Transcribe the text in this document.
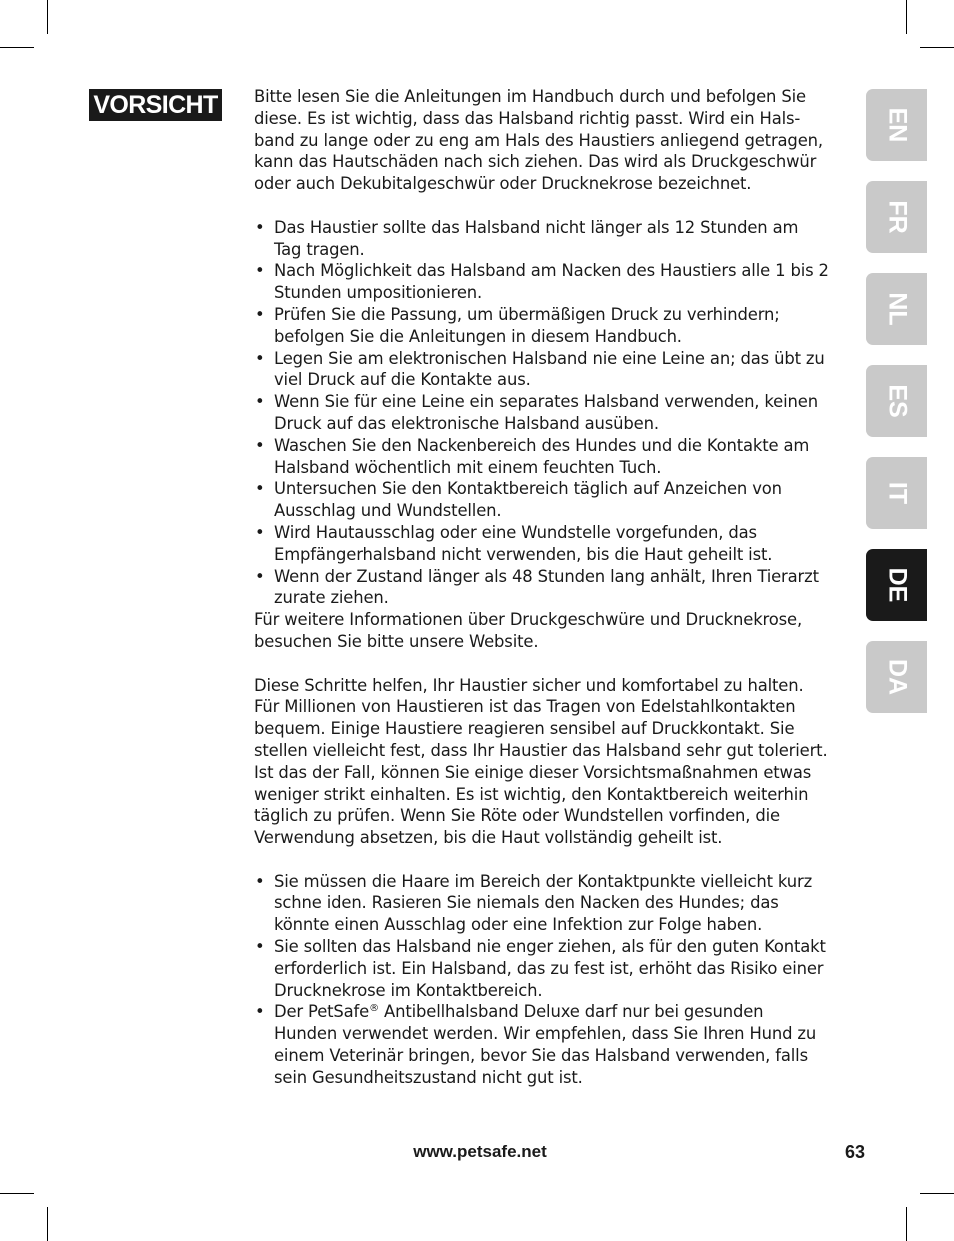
VORSICHT Bitte lesen Sie die Anleitungen im Handbuch durch und befolgen Sie
diese. Es ist wichtig, dass das Halsband richtig passt. Wird ein Hals-
band zu lange oder zu eng am Hals des Haustiers anliegend getragen,
kann das Hautschäden nach sich ziehen. Das wird als Druckgeschwür
oder auch Dekubitalgeschwür oder Drucknekrose bezeichnet.

• Das Haustier sollte das Halsband nicht länger als 12 Stunden am Tag tragen.
• Nach Möglichkeit das Halsband am Nacken des Haustiers alle 1 bis 2 Stunden umpositionieren.
• Prüfen Sie die Passung, um übermäßigen Druck zu verhindern; befolgen Sie die Anleitungen in diesem Handbuch.
• Legen Sie am elektronischen Halsband nie eine Leine an; das übt zu viel Druck auf die Kontakte aus.
• Wenn Sie für eine Leine ein separates Halsband verwenden, keinen Druck auf das elektronische Halsband ausüben.
• Waschen Sie den Nackenbereich des Hundes und die Kontakte am Halsband wöchentlich mit einem feuchten Tuch.
• Untersuchen Sie den Kontaktbereich täglich auf Anzeichen von Ausschlag und Wundstellen.
• Wird Hautausschlag oder eine Wundstelle vorgefunden, das Empfängerhalsband nicht verwenden, bis die Haut geheilt ist.
• Wenn der Zustand länger als 48 Stunden lang anhält, Ihren Tierarzt zurate ziehen.

Für weitere Informationen über Druckgeschwüre und Drucknekrose, besuchen Sie bitte unsere Website.

Diese Schritte helfen, Ihr Haustier sicher und komfortabel zu halten. Für Millionen von Haustieren ist das Tragen von Edelstahlkontakten bequem. Einige Haustiere reagieren sensibel auf Druckkontakt. Sie stellen vielleicht fest, dass Ihr Haustier das Halsband sehr gut toleriert. Ist das der Fall, können Sie einige dieser Vorsichtsmaßnahmen etwas weniger strikt einhalten. Es ist wichtig, den Kontaktbereich weiterhin täglich zu prüfen. Wenn Sie Röte oder Wundstellen vorfinden, die Verwendung absetzen, bis die Haut vollständig geheilt ist.

• Sie müssen die Haare im Bereich der Kontaktpunkte vielleicht kurz schne iden. Rasieren Sie niemals den Nacken des Hundes; das könnte einen Ausschlag oder eine Infektion zur Folge haben.
• Sie sollten das Halsband nie enger ziehen, als für den guten Kontakt erforderlich ist. Ein Halsband, das zu fest ist, erhöht das Risiko einer Drucknekrose im Kontaktbereich.
• Der PetSafe® Antibellhalsband Deluxe darf nur bei gesunden Hunden verwendet werden. Wir empfehlen, dass Sie Ihren Hund zu einem Veterinär bringen, bevor Sie das Halsband verwenden, falls sein Gesundheitszustand nicht gut ist.
EN
FR
NL
ES
IT
DE
DA
www.petsafe.net	63
